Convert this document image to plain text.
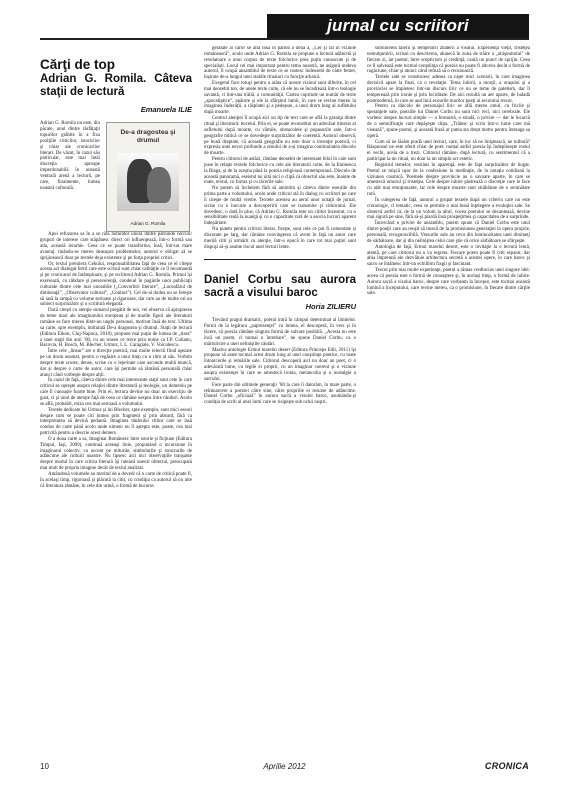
jurnal cu scriitori
Cărţi de top
Adrian G. Romila. Câteva staţii de lectură
Emanuela ILIE
Adrian G. Romila nu este, din păcate, unul dintre răsfăţaţii topurilor grăbite în a fixa poziţiile criticilor, istoricilor şi chiar ale cronicarilor literari. De văzut, în cazul său particular, este mai întâi discreţia aproape imperdonabilă în această ventrală arenă a lecturii, pe care, finalmente, lumea noastră culturală.
De-a dragostea şi drumul
Adrian G. Romila

Apoi refuzurea sa în a se răta hotărâtor unora dintre pătrunde cercuri/ grupuri de interese care stăpânesc direct ori influenţează, într-o formă sau alta, această ierarhie. Ceea ce se poate transforma, însă, într-un mare avantaj: tinăndu-se mereu deasupra problemelor, autorul e obligat să se sprijinească doar pe textele deja existente şi pe forţa propriei critici.

Or, textul premiera Cehului, responsabilitatea faţă de ceea ce el citeşte acesta act dialogat fertil care este scrisul sunt chiar calităţile ce îl recomandă şi pe cronicarul de întâmpinare, şi pe scriitorul Adrian G. Romila. Primul îşi exersează, cu răbdare şi perseverenţă, condeiul în paginile unor publicaţii culturale dintre cele mai onorabile („Convorbiri literare”, „Luceafărul de dimineaţă”, „Observator cultural”, „Contact”). Cel de-al doilea nu se fereşte să iasă la rampă cu volume serioase şi riguroase, dar care au de multe ori un subiect surprinzător şi o scriitură elegantă.

Dacă citeşti cu atenţie sumarul pregătit de noi, vei observa că apropierea de teme mari ale imaginarului european şi de marile figuri ale literaturii române se face mereu dintr-un unghi personal, motivat însă de text. Ultima sa carte, spre exemplu, intitulată De-a dragostea şi drumul. Staţii de lectură (Editura Eikon, Cluj-Napoca, 2010), propune mai puţin de lumea de „tinut” a unei staţii din anii ’80, cu un traseu ce trece prin nume ca I.P. Culianu, Bacovia, H. Bosch, M. Blecher, Urmuz, I. L. Caragiale, V. Voiculescu.

Între cele „linear” are o direcţie poetică, mai multe relectii fiind aşezate pe un drum asumat, pentru o regăsire a unui timp cu o ritm al său. Vorbim despre texte scurte, dense, scrise cu o lejeritate care ascunde multă muncă, dar şi despre o carte de autor, care îşi permite să rămână personală chiar atunci când vorbeşte despre alţii.

În cazul de faţă, câteva dintre cele mai interesante staţii sunt cele în care criticul se opreşte asupra relaţiei dintre literatură şi teologie, un domeniu pe care îl cunoaşte foarte bine. Prin el, lectura devine nu doar un exerciţiu de gust, ci şi unul de atenţie faţă de ceea ce rămâne nespus între rânduri. Acolo se află, probabil, miza cea mai serioasă a volumului.

Textele dedicate lui Urmuz şi lui Blecher, spre exemplu, sunt mici eseuri despre cum se poate citi lumea prin fragment şi prin absurd, fără ca interpretarea să devină pedantă. Imaginea tânărului cititor care se lasă condus de carte până acolo unde nimeni nu îl aştepta este, poate, cea mai potrivită pentru a descrie acest demers.

O a doua carte a sa, Imaginar Românesc între istorie şi ficţiune (Editura Timpul, Iaşi, 2009), continuă aceeaşi linie, propunând o incursiune în imaginarul colectiv, cu accent pe miturile, simbolurile şi structurile de adâncime ale culturii noastre. Nu lipsesc aici nici observaţiile tranşante despre modul în care critica literară îşi ratează uneori obiectul, preocupată mai mult de propria imagine decât de textul analizat.

Amândouă volumele au meritul de a dovedi că o carte de critică poate fi, în acelaşi timp, riguroasă şi plăcută la citit, cu condiţia ca autorul să nu uite că literatura rămâne, în cele din urmă, o formă de bucurie.

geratate ai căror se află însă în partea a doua a, „Cer şi rai în viziune românească”, acolo unde Adrian G. Romila se propune o lectură adâncită şi revelatoare a unui corpus de texte folclorice prea puţin cunoscute şi de specialişti. Locul cel mai important pentru tema noastră, ne asigură undeva autorul, îl ocupă ansamblul de texte ce se rostesc îndeosebi de către femei, înşirate de-a lungul unei stabile ritualuri cu funcţie arhaică.

Exegetul face totuşi pentru a arăta că aceste viziuni sunt diferite, în cel mai deosebit ton, de unele texte culte, că ele nu se încadrează într-o teologie savantă, ci într-una trăită, a comunităţii. Cartea cuprinde un număr de texte „apocaliptice”, apărute şi ele la sfârşitul lumii, în care se revine mereu la imaginea Judecăţii, a răsplatei şi a pedepsei, a unui drum lung al sufletului după moarte.

Centrul atenţiei îl ocupă aici un tip de text care se află la graniţa dintre ritual şi literatură: bocetul. Prin el, se poate reconstitui un adevărat itinerar al sufletului după moarte, cu vămile, obstacolele şi popasurile sale, într-o geografie mitică ce se dovedeşte surprinzător de coerentă. Autorul observă, pe bună dreptate, că această geografie nu este doar o invenţie poetică, ci expresia unei nevoi profunde a omului de a-şi imagina continuitatea dincolo de moarte.

Pentru cititorul de astăzi, rămâne deosebit de interesant felul în care sunt puse în relaţie textele folclorice cu cele ale literaturii culte, de la Eminescu la Blaga, şi de la aceştia până la poezia religioasă contemporană. Dincolo de această panoramă, eseistul nu uită nici o clipă că obiectul său este, înainte de toate, textul, cu forma şi cu tăcerile sale.

Nu putem să încheiem fără să amintim şi câteva dintre eseurile din prima parte a volumului, acolo unde criticul stă în dialog cu scriitori pe care îi citeşte de multă vreme. Textele acestea au aerul unor notaţii de jurnal, scrise cu o bucurie a descoperirii care se transmite şi cititorului. Ele dovedesc, o dată în plus, că Adrian G. Romila este un cititor înzestrat, cu o sensibilitate reală la nuanţă şi cu o capacitate rară de a asocia lucruri aparent îndepărtate.

Nu putem pentru criticul literar, fireşte, sunt cele ce pot fi comentate și discutate pe larg, dar rămâne convingerea că avem în faţă un autor care merită citit şi urmărit cu atenţie, într-o epocă în care tot mai puţini sunt dispuşi să-şi asume riscul unei lecturi lente.

Daniel Corbu sau aurora sacră a visului baroc
Horia ZILIERU

Trecând pragul dramatic, poetul intră în câmpul determinat al limitelor. Pornit de la legătura „paprezenţei” cu lumea, el descoperă, în vers şi în tăcere, că poezia rămâne singura formă de salvare posibilă. „Acesta nu este încă un poem, ci numai o întrebare”, ne spune Daniel Corbu, ca o mărturisire a unei neliniştite căutări.

Masiva antologie Ermul marelui desert (Editura Princeps Edit, 2011) îşi propune să arate tocmai acest drum lung al unei conştiinţe poetice, cu toate întoarcerile şi reluările sale. Cititorul descoperă aici nu doar un poet, ci o adevărată lume, cu legile ei proprii, cu un imaginar coerent şi o viziune asupra existenţei în care se amestecă ironia, melancolia şi o nostalgie a sacrului.

Face parte din ultimele generaţii ’80 la care îi datorăm, în mare parte, o reîntoarcere a poeziei către sine, către propriile ei resurse de adâncime. Daniel Corbu „oficiază” în aurora sacră a visului baroc, asumându-şi condiţia de scrib al unei lumi care se risipeşte sub ochii noştri.

sublinierea tăierii şi temperării zbaterii a visului. Experienţa vieţii, tristeţea nemulţumirii, scrisul cu descrierea, alunecă în zona de trăire a „obişnuitului” de fiecare zi, iar poetul, între scepticism şi credinţă, caută un punct de sprijin. Ceea ce îl salvează este tocmai conştiinţa că poezia nu poate fi altceva decât o formă de rugăciune, chiar şi atunci când refuză să o recunoască.

Textele sale se construiesc adesea ca nişte mici scenarii, în care imaginea decisivă apare la final, ca o revelaţie. Tema iubirii, a morţii, a oraşului şi a provinciei se împletesc într-un discurs liric ce nu se teme de patetism, dar îl temperează prin ironie şi prin luciditate. De aici rezultă un aer aparte, de baladă postmodernă, în care se aud încă ecourile marilor poeţi ai secolului trecut.

Pentru ca dincolo de personajul liric se află mereu omul, cu fricile şi speranţele sale, poeziile lui Daniel Corbu nu sunt nici reci, nici cerebrale. Ele vorbesc despre lucruri simple — o fereastră, o stradă, o privire — dar le încarcă de o semnificaţie care depăşeşte clipa. „Trăiesc şi scriu într-o lume care mă visează”, spune poetul, şi această frază ar putea sta drept motto pentru întreaga sa operă.

Cum să ne lăsăm pradă unei lecturi, care, în loc să ne liniştească, ne tulbură? Răspunsul ne este oferit chiar de poet: numai astfel poezia îşi îndeplineşte rostul ei vechi, acela de a trezi. Cititorul rămâne, după lectură, cu sentimentul că a participat la un ritual, nu doar la un simplu act estetic.

Registrul temelor, restrâns în aparenţă, este de fapt surprinzător de bogat. Poetul se mişcă uşor de la confesiune la meditaţie, de la notaţia cotidiană la viziunea cosmică. Poemele despre provincie au o savoare aparte, în care se amestecă umorul şi tristeţea. Cele despre iubire păstrează o discreţie care le face cu atât mai emoţionante, iar cele despre moarte sunt străbătute de o seninătate rară.

În culegerea de faţă, autorul a grupat textele după un criteriu care nu este cronologic, ci tematic, ceea ce permite o mai bună înţelegere a evoluţiei sale. Se observă astfel că, de la un volum la altul, vocea poetului se decantează, devine mai sigură pe sine, fără să-şi piardă însă prospeţimea şi capacitatea de a surprinde.

Încercând o privire de ansamblu, putem spune că Daniel Corbu este unul dintre poeţii care au reuşit să treacă de la promisiunea generaţiei la opera proprie, personală, recognoscibilă. Versurile sale au ceva din luminozitatea unei dimineţi de sărbătoare, dar şi din neliniştea celui care ştie că orice sărbătoare se sfârşeşte.

Antologia de faţă, Ermul marelui desert, este o invitaţie la o lectură lentă, atentă, pe care cititorul nu o va regreta. Fiecare poem poate fi citit separat, dar abia împreună ele dezvăluie arhitectura secretă a acestei opere, în care baroc şi sacru se întâlnesc într-un echilibru fragil şi fascinant.

Trecut prin mai multe experienţe, poetul a rămas credincios unei singure idei: aceea că poezia este o formă de cunoaştere şi, în acelaşi timp, o formă de iubire. Aurora sacră a visului baroc, despre care vorbeam la început, este tocmai această lumină a începutului, care revine mereu, ca o promisiune, în fiecare dintre cărţile sale.

10	Aprilie 2012	CRONICA
